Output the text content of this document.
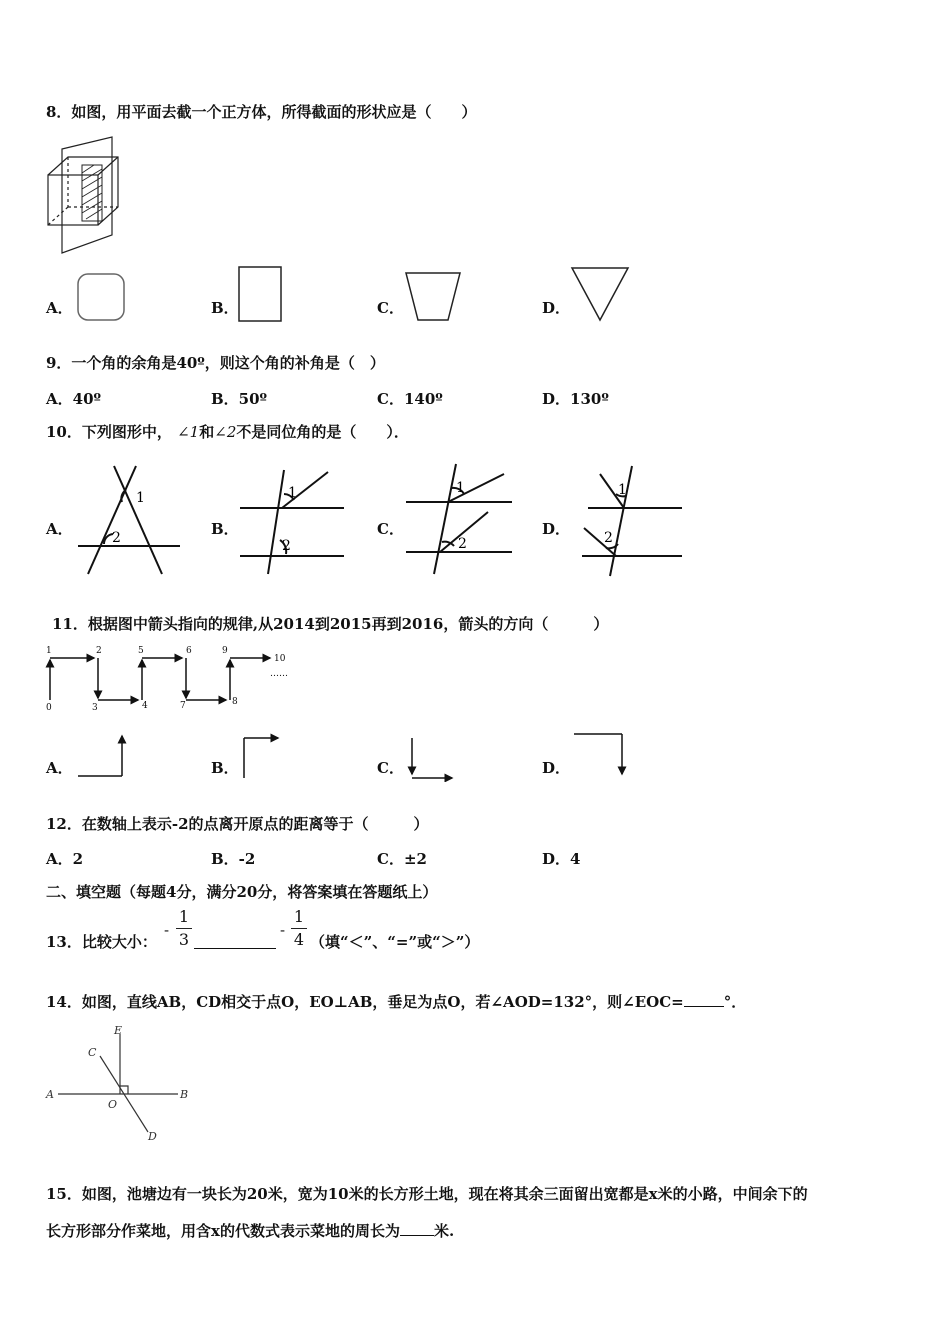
8．如图，用平面去截一个正方体，所得截面的形状应是（　　）
A．	B．	C．	D．
9．一个角的余角是40º，则这个角的补角是（　）
A．40º	B．50º	C．140º	D．130º
10．下列图形中， ∠1和∠2不是同位角的是（　　）．
A．
1
2	B．
1
2
C．
1
2
D．
1
2
11．根据图中箭头指向的规律,从2014到2015再到2016，箭头的方向（　　　）
0
1	2
3	4
5	6
7	8
9
10
……
A．	B．	C．	D．
12．在数轴上表示-2的点离开原点的距离等于（　　　）
A．2	B．-2	C．±2	D．4
二、填空题（每题4分，满分20分，将答案填在答题纸上）
13．比较大小：
-
1
3	-
1
4 （填“＜”、“=”或“＞”）
14．如图，直线AB，CD相交于点O，EO⊥AB，垂足为点O，若∠AOD=132°，则∠EOC=	°．
A	B
C
D
E
O
15．如图，池塘边有一块长为20米，宽为10米的长方形土地，现在将其余三面留出宽都是x米的小路，中间余下的
长方形部分作菜地，用含x的代数式表示菜地的周长为 米.
